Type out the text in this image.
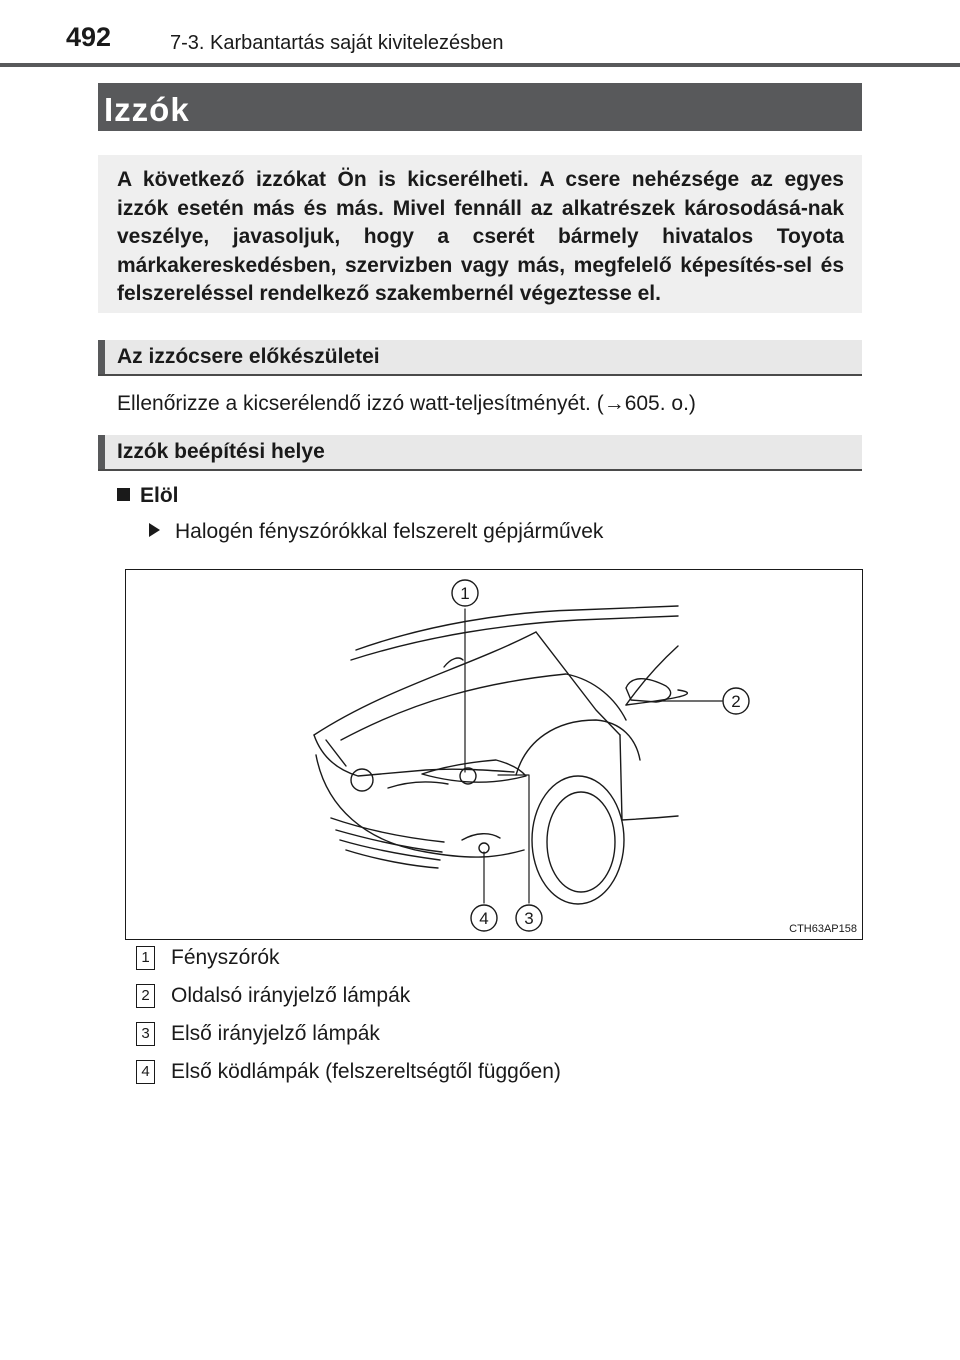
492	7-3. Karbantartás saját kivitelezésben
Izzók
A következő izzókat Ön is kicserélheti. A csere nehézsége az egyes izzók esetén más és más. Mivel fennáll az alkatrészek károsodásá-nak veszélye, javasoljuk, hogy a cserét bármely hivatalos Toyota márkakereskedésben, szervizben vagy más, megfelelő képesítés-sel és felszereléssel rendelkező szakembernél végeztesse el.
Az izzócsere előkészületei
Ellenőrizze a kicserélendő izzó watt-teljesítményét. (→605. o.)
Izzók beépítési helye
Elöl
Halogén fényszórókkal felszerelt gépjárművek
1
2
3
4
CTH63AP158
1 Fényszórók
2 Oldalsó irányjelző lámpák
3 Első irányjelző lámpák
4 Első ködlámpák (felszereltségtől függően)
